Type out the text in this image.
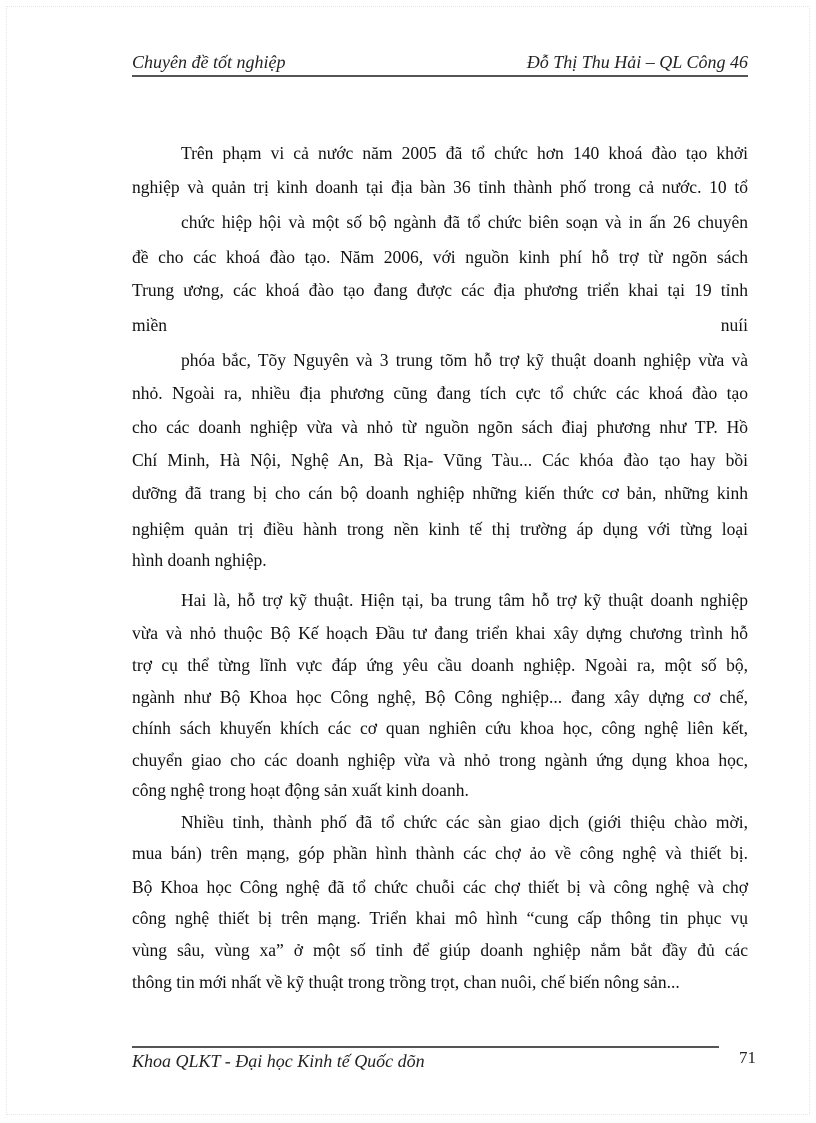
Chuyên đề tốt nghiệp	Đỗ Thị Thu Hải – QL Công 46
Trên phạm vi cả nước năm 2005 đã tổ chức hơn 140 khoá đào tạo khởi
nghiệp và quản trị kinh doanh tại địa bàn 36 tỉnh thành phố trong cả nước. 10 tổ
chức hiệp hội và một số bộ ngành đã tổ chức biên soạn và in ấn 26 chuyên
đề cho các khoá đào tạo. Năm 2006, với nguồn kinh phí hỗ trợ từ ngõn sách
Trung ương, các khoá đào tạo đang được các địa phương triển khai tại 19 tỉnh
miền nuíi
phóa bắc, Tõy Nguyên và 3 trung tõm hỗ trợ kỹ thuật doanh nghiệp vừa và
nhỏ. Ngoài ra, nhiều địa phương cũng đang tích cực tổ chức các khoá đào tạo
cho các doanh nghiệp vừa và nhỏ từ nguồn ngõn sách điaj phương như TP. Hồ
Chí Minh, Hà Nội, Nghệ An, Bà Rịa- Vũng Tàu... Các khóa đào tạo hay bồi
dưỡng đã trang bị cho cán bộ doanh nghiệp những kiến thức cơ bản, những kinh
nghiệm quản trị điều hành trong nền kinh tế thị trường áp dụng với từng loại
hình doanh nghiệp.
Hai là, hỗ trợ kỹ thuật. Hiện tại, ba trung tâm hỗ trợ kỹ thuật doanh nghiệp
vừa và nhỏ thuộc Bộ Kế hoạch Đầu tư đang triển khai xây dựng chương trình hỗ
trợ cụ thể từng lĩnh vực đáp ứng yêu cầu doanh nghiệp. Ngoài ra, một số bộ,
ngành như Bộ Khoa học Công nghệ, Bộ Công nghiệp... đang xây dựng cơ chế,
chính sách khuyến khích các cơ quan nghiên cứu khoa học, công nghệ liên kết,
chuyển giao cho các doanh nghiệp vừa và nhỏ trong ngành ứng dụng khoa học,
công nghệ trong hoạt động sản xuất kinh doanh.
Nhiều tỉnh, thành phố đã tổ chức các sàn giao dịch (giới thiệu chào mời,
mua bán) trên mạng, góp phần hình thành các chợ ảo về công nghệ và thiết bị.
Bộ Khoa học Công nghệ đã tổ chức chuỗi các chợ thiết bị và công nghệ và chợ
công nghệ thiết bị trên mạng. Triển khai mô hình “cung cấp thông tin phục vụ
vùng sâu, vùng xa” ở một số tỉnh để giúp doanh nghiệp nắm bắt đầy đủ các
thông tin mới nhất về kỹ thuật trong trồng trọt, chan nuôi, chế biến nông sản...
Khoa QLKT - Đại học Kinh tế Quốc dõn	71
